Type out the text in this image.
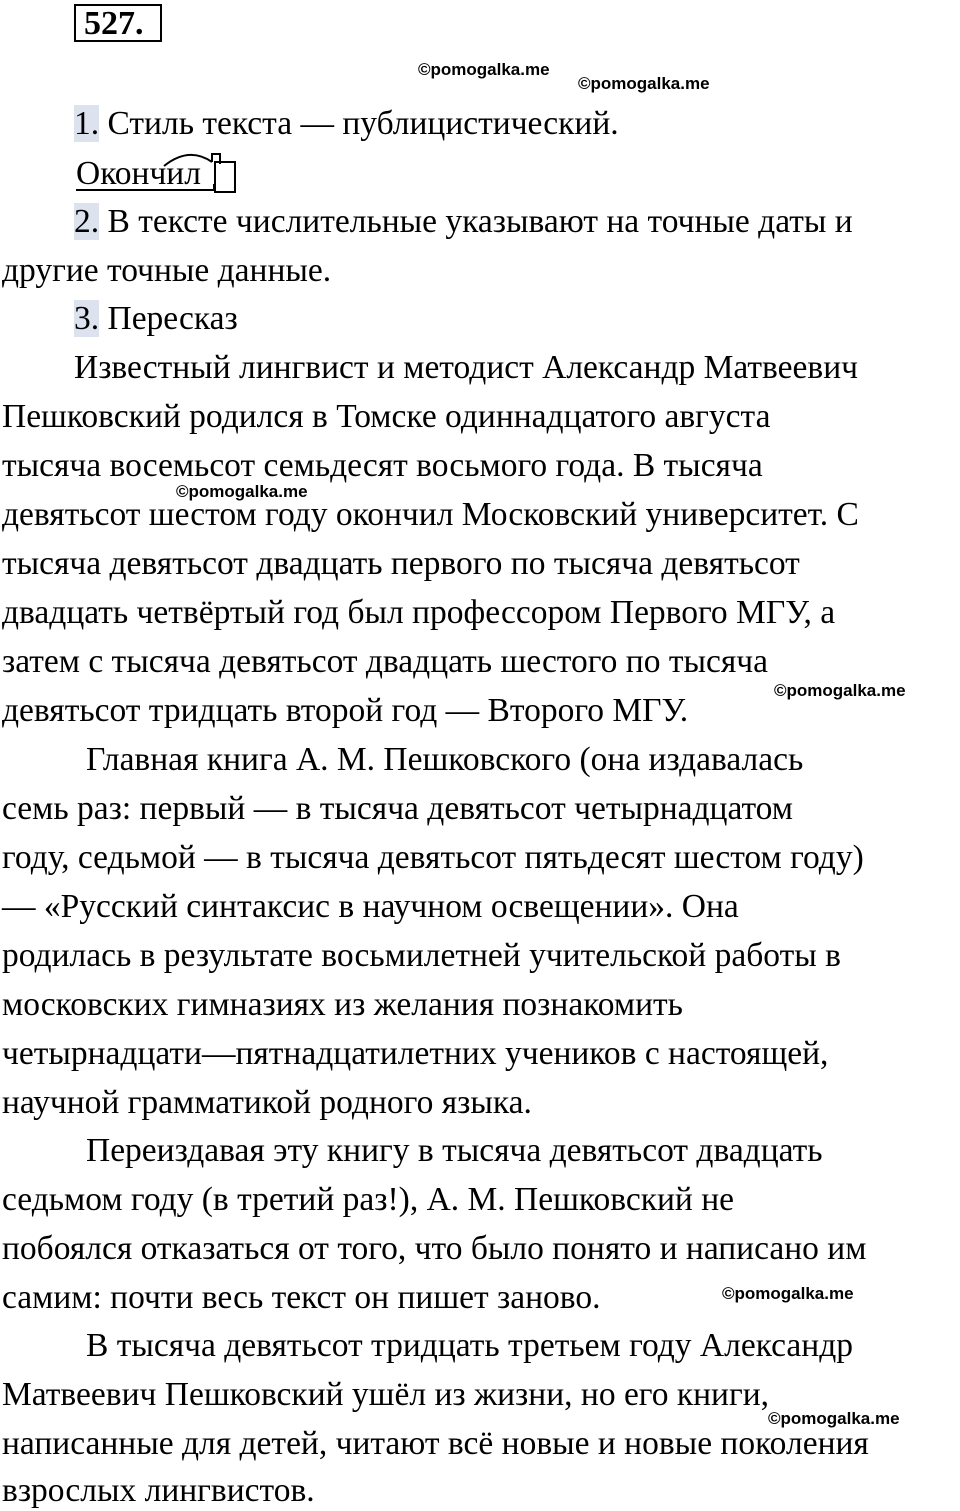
527.
©pomogalka.me
©pomogalka.me
©pomogalka.me
©pomogalka.me
©pomogalka.me
©pomogalka.me
1. Стиль текста — публицистический.
Окончил
2. В тексте числительные указывают на точные даты и
другие точные данные.
3. Пересказ
Известный лингвист и методист Александр Матвеевич
Пешковский родился в Томске одиннадцатого августа
тысяча восемьсот семьдесят восьмого года. В тысяча
девятьсот шестом году окончил Московский университет. С
тысяча девятьсот двадцать первого по тысяча девятьсот
двадцать четвёртый год был профессором Первого МГУ, а
затем с тысяча девятьсот двадцать шестого по тысяча
девятьсот тридцать второй год — Второго МГУ.
Главная книга А. М. Пешковского (она издавалась
семь раз: первый — в тысяча девятьсот четырнадцатом
году, седьмой — в тысяча девятьсот пятьдесят шестом году)
— «Русский синтаксис в научном освещении». Она
родилась в результате восьмилетней учительской работы в
московских гимназиях из желания познакомить
четырнадцати—пятнадцатилетних учеников с настоящей,
научной грамматикой родного языка.
Переиздавая эту книгу в тысяча девятьсот двадцать
седьмом году (в третий раз!), А. М. Пешковский не
побоялся отказаться от того, что было понято и написано им
самим: почти весь текст он пишет заново.
В тысяча девятьсот тридцать третьем году Александр
Матвеевич Пешковский ушёл из жизни, но его книги,
написанные для детей, читают всё новые и новые поколения
взрослых лингвистов.
